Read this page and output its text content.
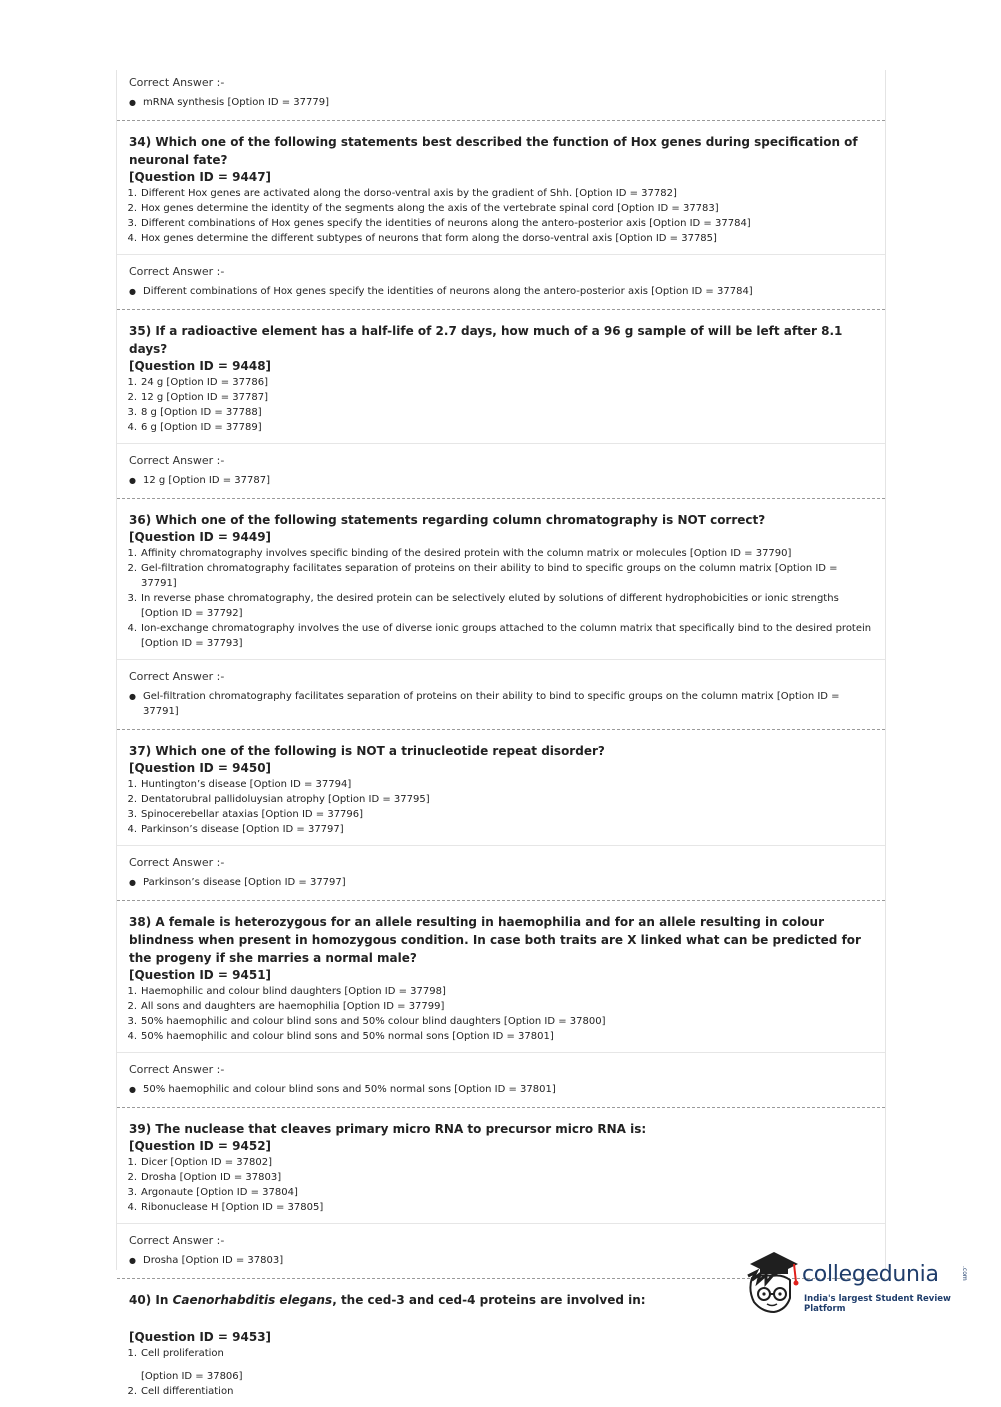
Correct Answer :-
● mRNA synthesis [Option ID = 37779]
34) Which one of the following statements best described the function of Hox genes during specification of neuronal fate?
[Question ID = 9447]
1. Different Hox genes are activated along the dorso-ventral axis by the gradient of Shh. [Option ID = 37782]
2. Hox genes determine the identity of the segments along the axis of the vertebrate spinal cord [Option ID = 37783]
3. Different combinations of Hox genes specify the identities of neurons along the antero-posterior axis [Option ID = 37784]
4. Hox genes determine the different subtypes of neurons that form along the dorso-ventral axis [Option ID = 37785]
Correct Answer :-
● Different combinations of Hox genes specify the identities of neurons along the antero-posterior axis [Option ID = 37784]
35) If a radioactive element has a half-life of 2.7 days, how much of a 96 g sample of will be left after 8.1 days?
[Question ID = 9448]
1. 24 g [Option ID = 37786]
2. 12 g [Option ID = 37787]
3. 8 g [Option ID = 37788]
4. 6 g [Option ID = 37789]
Correct Answer :-
● 12 g [Option ID = 37787]
36) Which one of the following statements regarding column chromatography is NOT correct?
[Question ID = 9449]
1. Affinity chromatography involves specific binding of the desired protein with the column matrix or molecules [Option ID = 37790]
2. Gel-filtration chromatography facilitates separation of proteins on their ability to bind to specific groups on the column matrix [Option ID = 37791]
3. In reverse phase chromatography, the desired protein can be selectively eluted by solutions of different hydrophobicities or ionic strengths [Option ID = 37792]
4. Ion-exchange chromatography involves the use of diverse ionic groups attached to the column matrix that specifically bind to the desired protein [Option ID = 37793]
Correct Answer :-
● Gel-filtration chromatography facilitates separation of proteins on their ability to bind to specific groups on the column matrix [Option ID = 37791]
37) Which one of the following is NOT a trinucleotide repeat disorder?
[Question ID = 9450]
1. Huntington’s disease [Option ID = 37794]
2. Dentatorubral pallidoluysian atrophy [Option ID = 37795]
3. Spinocerebellar ataxias [Option ID = 37796]
4. Parkinson’s disease [Option ID = 37797]
Correct Answer :-
● Parkinson’s disease [Option ID = 37797]
38) A female is heterozygous for an allele resulting in haemophilia and for an allele resulting in colour blindness when present in homozygous condition. In case both traits are X linked what can be predicted for the progeny if she marries a normal male?
[Question ID = 9451]
1. Haemophilic and colour blind daughters [Option ID = 37798]
2. All sons and daughters are haemophilia [Option ID = 37799]
3. 50% haemophilic and colour blind sons and 50% colour blind daughters [Option ID = 37800]
4. 50% haemophilic and colour blind sons and 50% normal sons [Option ID = 37801]
Correct Answer :-
● 50% haemophilic and colour blind sons and 50% normal sons [Option ID = 37801]
39) The nuclease that cleaves primary micro RNA to precursor micro RNA is:
[Question ID = 9452]
1. Dicer [Option ID = 37802]
2. Drosha [Option ID = 37803]
3. Argonaute [Option ID = 37804]
4. Ribonuclease H [Option ID = 37805]
Correct Answer :-
● Drosha [Option ID = 37803]
40) In Caenorhabditis elegans, the ced-3 and ced-4 proteins are involved in:
[Question ID = 9453]
1. Cell proliferation
[Option ID = 37806]
2. Cell differentiation
collegedunia	.com
India's largest Student Review Platform
